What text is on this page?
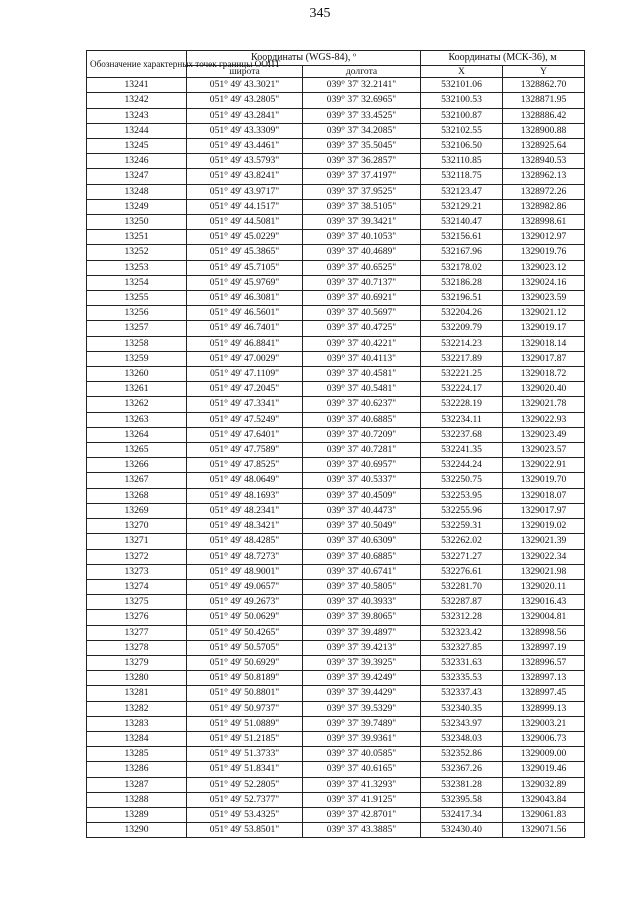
345
Обозначение характерных точек границы ООПТ	Координаты (WGS-84), º		Координаты (МСК-36), м	
	широта	долгота	X	Y
13241	051° 49' 43.3021"	039° 37' 32.2141"	532101.06	1328862.70
13242	051° 49' 43.2805"	039° 37' 32.6965"	532100.53	1328871.95
13243	051° 49' 43.2841"	039° 37' 33.4525"	532100.87	1328886.42
13244	051° 49' 43.3309"	039° 37' 34.2085"	532102.55	1328900.88
13245	051° 49' 43.4461"	039° 37' 35.5045"	532106.50	1328925.64
13246	051° 49' 43.5793"	039° 37' 36.2857"	532110.85	1328940.53
13247	051° 49' 43.8241"	039° 37' 37.4197"	532118.75	1328962.13
13248	051° 49' 43.9717"	039° 37' 37.9525"	532123.47	1328972.26
13249	051° 49' 44.1517"	039° 37' 38.5105"	532129.21	1328982.86
13250	051° 49' 44.5081"	039° 37' 39.3421"	532140.47	1328998.61
13251	051° 49' 45.0229"	039° 37' 40.1053"	532156.61	1329012.97
13252	051° 49' 45.3865"	039° 37' 40.4689"	532167.96	1329019.76
13253	051° 49' 45.7105"	039° 37' 40.6525"	532178.02	1329023.12
13254	051° 49' 45.9769"	039° 37' 40.7137"	532186.28	1329024.16
13255	051° 49' 46.3081"	039° 37' 40.6921"	532196.51	1329023.59
13256	051° 49' 46.5601"	039° 37' 40.5697"	532204.26	1329021.12
13257	051° 49' 46.7401"	039° 37' 40.4725"	532209.79	1329019.17
13258	051° 49' 46.8841"	039° 37' 40.4221"	532214.23	1329018.14
13259	051° 49' 47.0029"	039° 37' 40.4113"	532217.89	1329017.87
13260	051° 49' 47.1109"	039° 37' 40.4581"	532221.25	1329018.72
13261	051° 49' 47.2045"	039° 37' 40.5481"	532224.17	1329020.40
13262	051° 49' 47.3341"	039° 37' 40.6237"	532228.19	1329021.78
13263	051° 49' 47.5249"	039° 37' 40.6885"	532234.11	1329022.93
13264	051° 49' 47.6401"	039° 37' 40.7209"	532237.68	1329023.49
13265	051° 49' 47.7589"	039° 37' 40.7281"	532241.35	1329023.57
13266	051° 49' 47.8525"	039° 37' 40.6957"	532244.24	1329022.91
13267	051° 49' 48.0649"	039° 37' 40.5337"	532250.75	1329019.70
13268	051° 49' 48.1693"	039° 37' 40.4509"	532253.95	1329018.07
13269	051° 49' 48.2341"	039° 37' 40.4473"	532255.96	1329017.97
13270	051° 49' 48.3421"	039° 37' 40.5049"	532259.31	1329019.02
13271	051° 49' 48.4285"	039° 37' 40.6309"	532262.02	1329021.39
13272	051° 49' 48.7273"	039° 37' 40.6885"	532271.27	1329022.34
13273	051° 49' 48.9001"	039° 37' 40.6741"	532276.61	1329021.98
13274	051° 49' 49.0657"	039° 37' 40.5805"	532281.70	1329020.11
13275	051° 49' 49.2673"	039° 37' 40.3933"	532287.87	1329016.43
13276	051° 49' 50.0629"	039° 37' 39.8065"	532312.28	1329004.81
13277	051° 49' 50.4265"	039° 37' 39.4897"	532323.42	1328998.56
13278	051° 49' 50.5705"	039° 37' 39.4213"	532327.85	1328997.19
13279	051° 49' 50.6929"	039° 37' 39.3925"	532331.63	1328996.57
13280	051° 49' 50.8189"	039° 37' 39.4249"	532335.53	1328997.13
13281	051° 49' 50.8801"	039° 37' 39.4429"	532337.43	1328997.45
13282	051° 49' 50.9737"	039° 37' 39.5329"	532340.35	1328999.13
13283	051° 49' 51.0889"	039° 37' 39.7489"	532343.97	1329003.21
13284	051° 49' 51.2185"	039° 37' 39.9361"	532348.03	1329006.73
13285	051° 49' 51.3733"	039° 37' 40.0585"	532352.86	1329009.00
13286	051° 49' 51.8341"	039° 37' 40.6165"	532367.26	1329019.46
13287	051° 49' 52.2805"	039° 37' 41.3293"	532381.28	1329032.89
13288	051° 49' 52.7377"	039° 37' 41.9125"	532395.58	1329043.84
13289	051° 49' 53.4325"	039° 37' 42.8701"	532417.34	1329061.83
13290	051° 49' 53.8501"	039° 37' 43.3885"	532430.40	1329071.56
